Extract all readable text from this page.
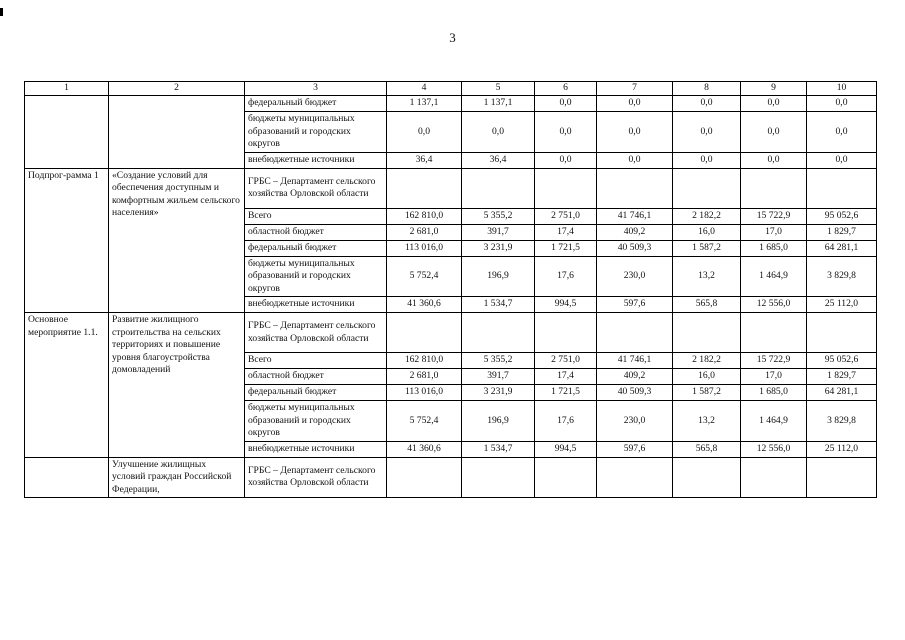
3
1	2	3	4	5	6	7	8	9	10
		федеральный бюджет	1 137,1	1 137,1	0,0	0,0	0,0	0,0	0,0
		бюджеты муниципальных образований и городских округов	0,0	0,0	0,0	0,0	0,0	0,0	0,0
		внебюджетные источники	36,4	36,4	0,0	0,0	0,0	0,0	0,0
Подпрог-рамма 1	«Создание условий для обеспечения доступным и комфортным жильем сельского населения»	ГРБС – Департамент сельского хозяйства Орловской области							
		Всего	162 810,0	5 355,2	2 751,0	41 746,1	2 182,2	15 722,9	95 052,6
		областной бюджет	2 681,0	391,7	17,4	409,2	16,0	17,0	1 829,7
		федеральный бюджет	113 016,0	3 231,9	1 721,5	40 509,3	1 587,2	1 685,0	64 281,1
		бюджеты муниципальных образований и городских округов	5 752,4	196,9	17,6	230,0	13,2	1 464,9	3 829,8
		внебюджетные источники	41 360,6	1 534,7	994,5	597,6	565,8	12 556,0	25 112,0
Основное мероприятие 1.1.	Развитие жилищного строительства на сельских территориях и повышение уровня благоустройства домовладений	ГРБС – Департамент сельского хозяйства Орловской области							
		Всего	162 810,0	5 355,2	2 751,0	41 746,1	2 182,2	15 722,9	95 052,6
		областной бюджет	2 681,0	391,7	17,4	409,2	16,0	17,0	1 829,7
		федеральный бюджет	113 016,0	3 231,9	1 721,5	40 509,3	1 587,2	1 685,0	64 281,1
		бюджеты муниципальных образований и городских округов	5 752,4	196,9	17,6	230,0	13,2	1 464,9	3 829,8
		внебюджетные источники	41 360,6	1 534,7	994,5	597,6	565,8	12 556,0	25 112,0
	Улучшение жилищных условий граждан Российской Федерации,	ГРБС – Департамент сельского хозяйства Орловской области							
